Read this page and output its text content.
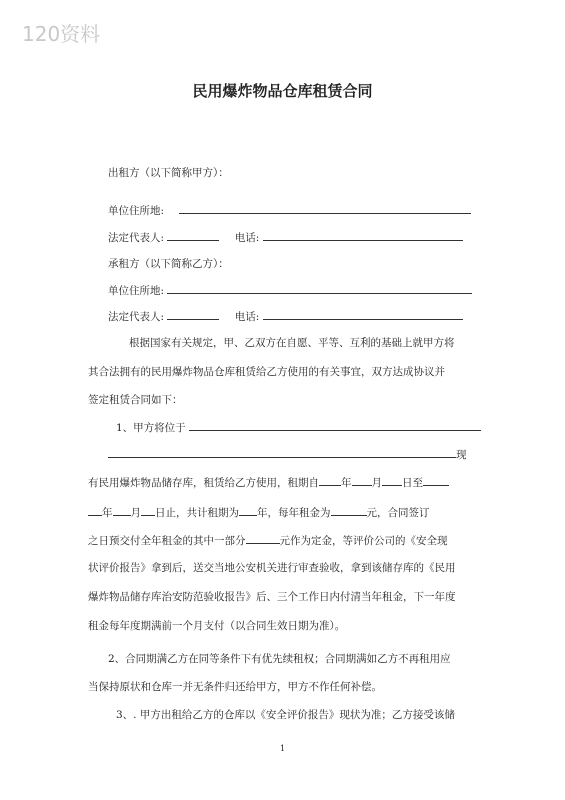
120资料
民用爆炸物品仓库租赁合同
出租方（以下简称甲方）：
单位住所地:
法定代表人:	电话:
承租方（以下简称乙方）：
单位住所地:
法定代表人:	电话:
根据国家有关规定，甲、乙双方在自愿、平等、互利的基础上就甲方将
其合法拥有的民用爆炸物品仓库租赁给乙方使用的有关事宜，双方达成协议并
签定租赁合同如下：
1、甲方将位于
现
有民用爆炸物品储存库，租赁给乙方使用，租期自 年 月 日至
年 月 日止，共计租期为 年，每年租金为	元，合同签订
之日预交付全年租金的其中一部分	元作为定金，等评价公司的《安全现
状评价报告》拿到后，送交当地公安机关进行审查验收，拿到该储存库的《民用
爆炸物品储存库治安防范验收报告》后、三个工作日内付清当年租金，下一年度
租金每年度期满前一个月支付（以合同生效日期为准）。
2、合同期满乙方在同等条件下有优先续租权；合同期满如乙方不再租用应
当保持原状和仓库一并无条件归还给甲方，甲方不作任何补偿。
3、. 甲方出租给乙方的仓库以《安全评价报告》现状为准；乙方接受该储
1
